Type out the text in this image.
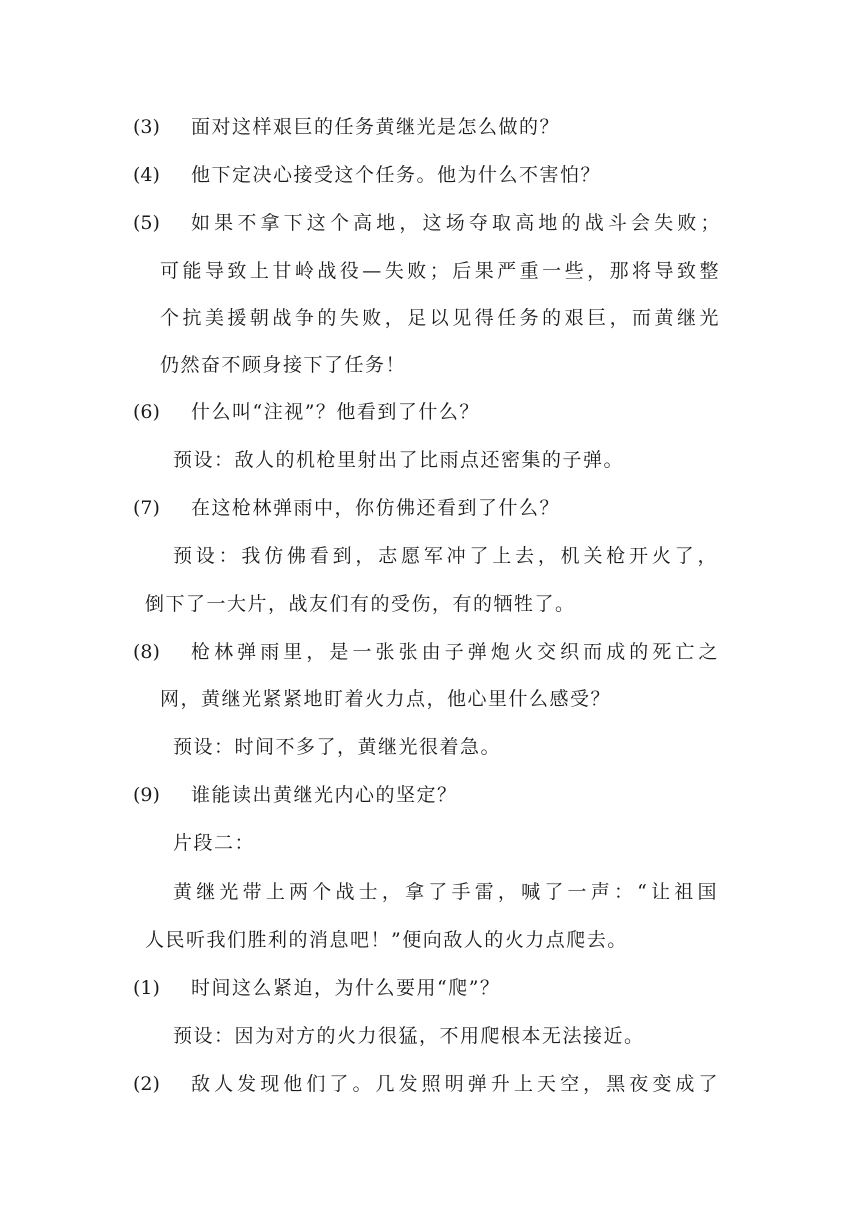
(3) 面对这样艰巨的任务黄继光是怎么做的？
(4) 他下定决心接受这个任务。他为什么不害怕？
(5) 如果不拿下这个高地，这场夺取高地的战斗会失败；
可能导致上甘岭战役—失败；后果严重一些，那将导致整
个抗美援朝战争的失败，足以见得任务的艰巨，而黄继光
仍然奋不顾身接下了任务！
(6) 什么叫“注视”？他看到了什么？
预设：敌人的机枪里射出了比雨点还密集的子弹。
(7) 在这枪林弹雨中，你仿佛还看到了什么？
预设：我仿佛看到，志愿军冲了上去，机关枪开火了，
倒下了一大片，战友们有的受伤，有的牺牲了。
(8) 枪林弹雨里，是一张张由子弹炮火交织而成的死亡之
网，黄继光紧紧地盯着火力点，他心里什么感受？
预设：时间不多了，黄继光很着急。
(9) 谁能读出黄继光内心的坚定？
片段二：
黄继光带上两个战士，拿了手雷，喊了一声：“让祖国
人民听我们胜利的消息吧！”便向敌人的火力点爬去。
(1) 时间这么紧迫，为什么要用“爬”？
预设：因为对方的火力很猛，不用爬根本无法接近。
(2) 敌人发现他们了。几发照明弹升上天空，黑夜变成了
